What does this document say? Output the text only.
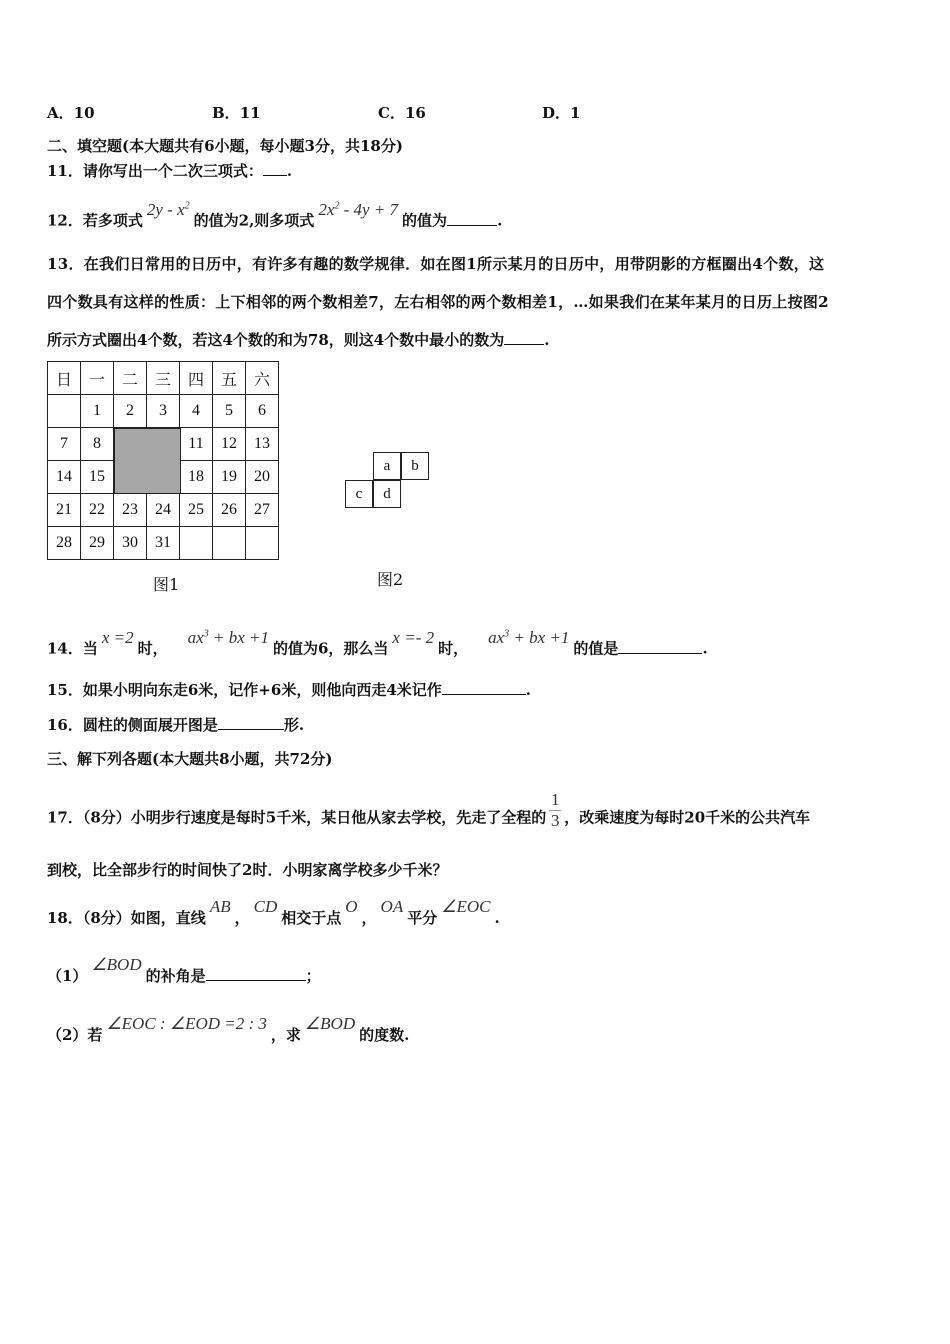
A．10	B．11	C．16	D．1
二、填空题(本大题共有6小题，每小题3分，共18分)
11．请你写出一个二次三项式： .
12．若多项式$2y - x^2$的值为2,则多项式$2x^2 - 4y + 7$的值为	.
13．在我们日常用的日历中，有许多有趣的数学规律．如在图1所示某月的日历中，用带阴影的方框圈出4个数，这
四个数具有这样的性质：上下相邻的两个数相差7，左右相邻的两个数相差1，…如果我们在某年某月的日历上按图2
所示方式圈出4个数，若这4个数的和为78，则这4个数中最小的数为	.
日	一	二	三	四	五	六
	1	2	3	4	5	6
7	8			11	12	13
14	15			18	19	20
21	22	23	24	25	26	27
28	29	30	31			
图1
a	b
c	d
图2
14．当x =2时，$ax^3$ + bx +1的值为6，那么当x =- 2时，$ax^3$ + bx +1的值是	.
15．如果小明向东走6米，记作+6米，则他向西走4米记作	.
16．圆柱的侧面展开图是	形.
三、解下列各题(本大题共8小题，共72分)
17．（8分）小明步行速度是每时5千米，某日他从家去学校，先走了全程的 $\frac{1}{3}$ ，改乘速度为每时20千米的公共汽车
到校，比全部步行的时间快了2时．小明家离学校多少千米？
18．（8分）如图，直线AB，CD相交于点O，OA平分∠EOC.
（1）∠BOD的补角是	；
（2）若∠EOC : ∠EOD =2 : 3，求∠BOD的度数.
